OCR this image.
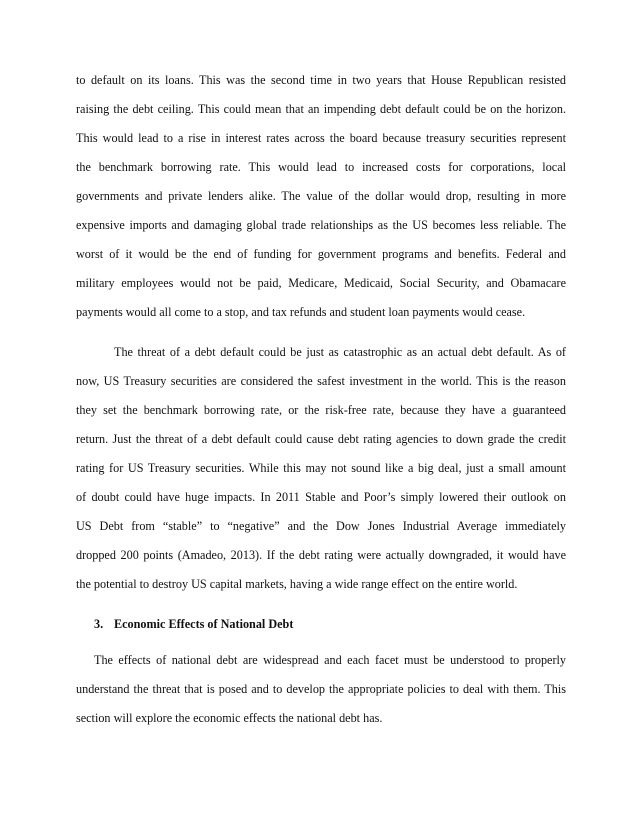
to default on its loans. This was the second time in two years that House Republican resisted
raising the debt ceiling. This could mean that an impending debt default could be on the horizon.
This would lead to a rise in interest rates across the board because treasury securities represent
the benchmark borrowing rate. This would lead to increased costs for corporations, local
governments and private lenders alike. The value of the dollar would drop, resulting in more
expensive imports and damaging global trade relationships as the US becomes less reliable. The
worst of it would be the end of funding for government programs and benefits. Federal and
military employees would not be paid, Medicare, Medicaid, Social Security, and Obamacare
payments would all come to a stop, and tax refunds and student loan payments would cease.
The threat of a debt default could be just as catastrophic as an actual debt default. As of
now, US Treasury securities are considered the safest investment in the world. This is the reason
they set the benchmark borrowing rate, or the risk-free rate, because they have a guaranteed
return. Just the threat of a debt default could cause debt rating agencies to down grade the credit
rating for US Treasury securities. While this may not sound like a big deal, just a small amount
of doubt could have huge impacts. In 2011 Stable and Poor’s simply lowered their outlook on
US Debt from “stable” to “negative” and the Dow Jones Industrial Average immediately
dropped 200 points (Amadeo, 2013). If the debt rating were actually downgraded, it would have
the potential to destroy US capital markets, having a wide range effect on the entire world.
3. Economic Effects of National Debt
The effects of national debt are widespread and each facet must be understood to properly
understand the threat that is posed and to develop the appropriate policies to deal with them. This
section will explore the economic effects the national debt has.
